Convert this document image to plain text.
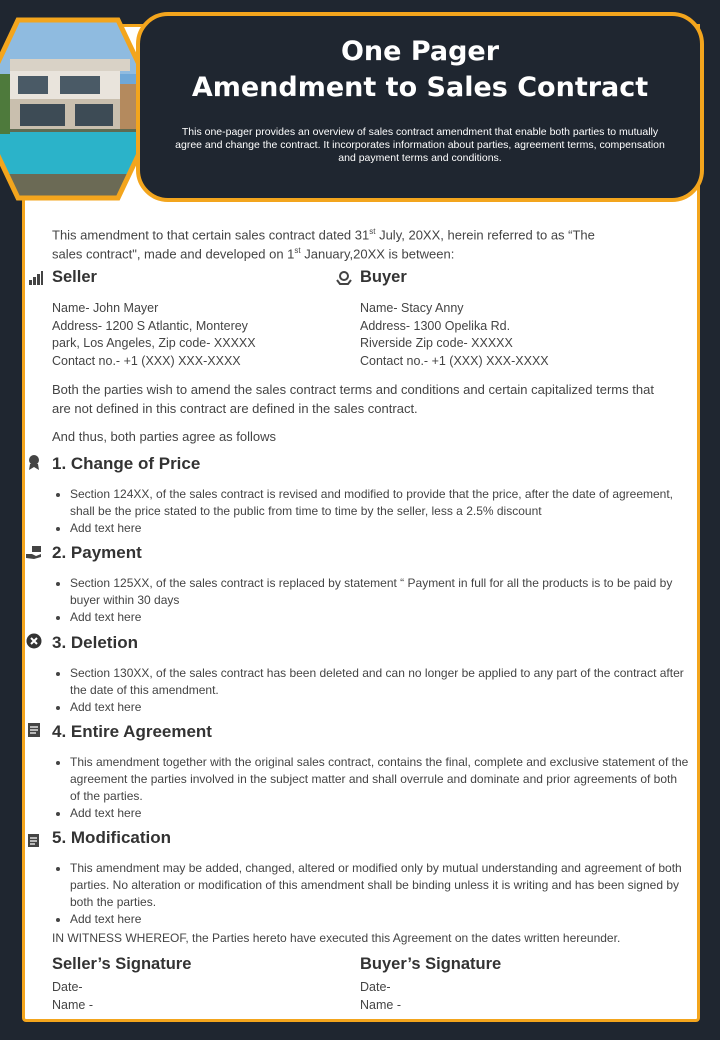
One Pager
Amendment to Sales Contract
This one-pager provides an overview of sales contract amendment that enable both parties to mutually agree and change the contract. It incorporates information about parties, agreement terms, compensation and payment terms and conditions.
This amendment to that certain sales contract dated 31st July, 20XX, herein referred to as “The
sales contract", made and developed on 1st January,20XX is between:
Seller
Name- John Mayer
Address- 1200 S Atlantic, Monterey
park, Los Angeles, Zip code- XXXXX
Contact no.- +1 (XXX) XXX-XXXX
Buyer
Name- Stacy Anny
Address- 1300 Opelika Rd.
Riverside Zip code- XXXXX
Contact no.- +1 (XXX) XXX-XXXX
Both the parties wish to amend the sales contract terms and conditions and certain capitalized terms that are not defined in this contract are defined in the sales contract.
And thus, both parties agree as follows
1. Change of Price
• Section 124XX, of the sales contract is revised and modified to provide that the price, after the date of agreement, shall be the price stated to the public from time to time by the seller, less a 2.5% discount
• Add text here
2. Payment
• Section 125XX, of the sales contract is replaced by statement “ Payment in full for all the products is to be paid by buyer within 30 days
• Add text here
3. Deletion
• Section 130XX, of the sales contract has been deleted and can no longer be applied to any part of the contract after the date of this amendment.
• Add text here
4. Entire Agreement
• This amendment together with the original sales contract, contains the final, complete and exclusive statement of the agreement the parties involved in the subject matter and shall overrule and dominate and prior agreements of both of the parties.
• Add text here
5. Modification
• This amendment may be added, changed, altered or modified only by mutual understanding and agreement of both parties. No alteration or modification of this amendment shall be binding unless it is writing and has been signed by both the parties.
• Add text here
IN WITNESS WHEREOF, the Parties hereto have executed this Agreement on the dates written hereunder.
Seller’s Signature
Date-
Name -
Buyer’s Signature
Date-
Name -
